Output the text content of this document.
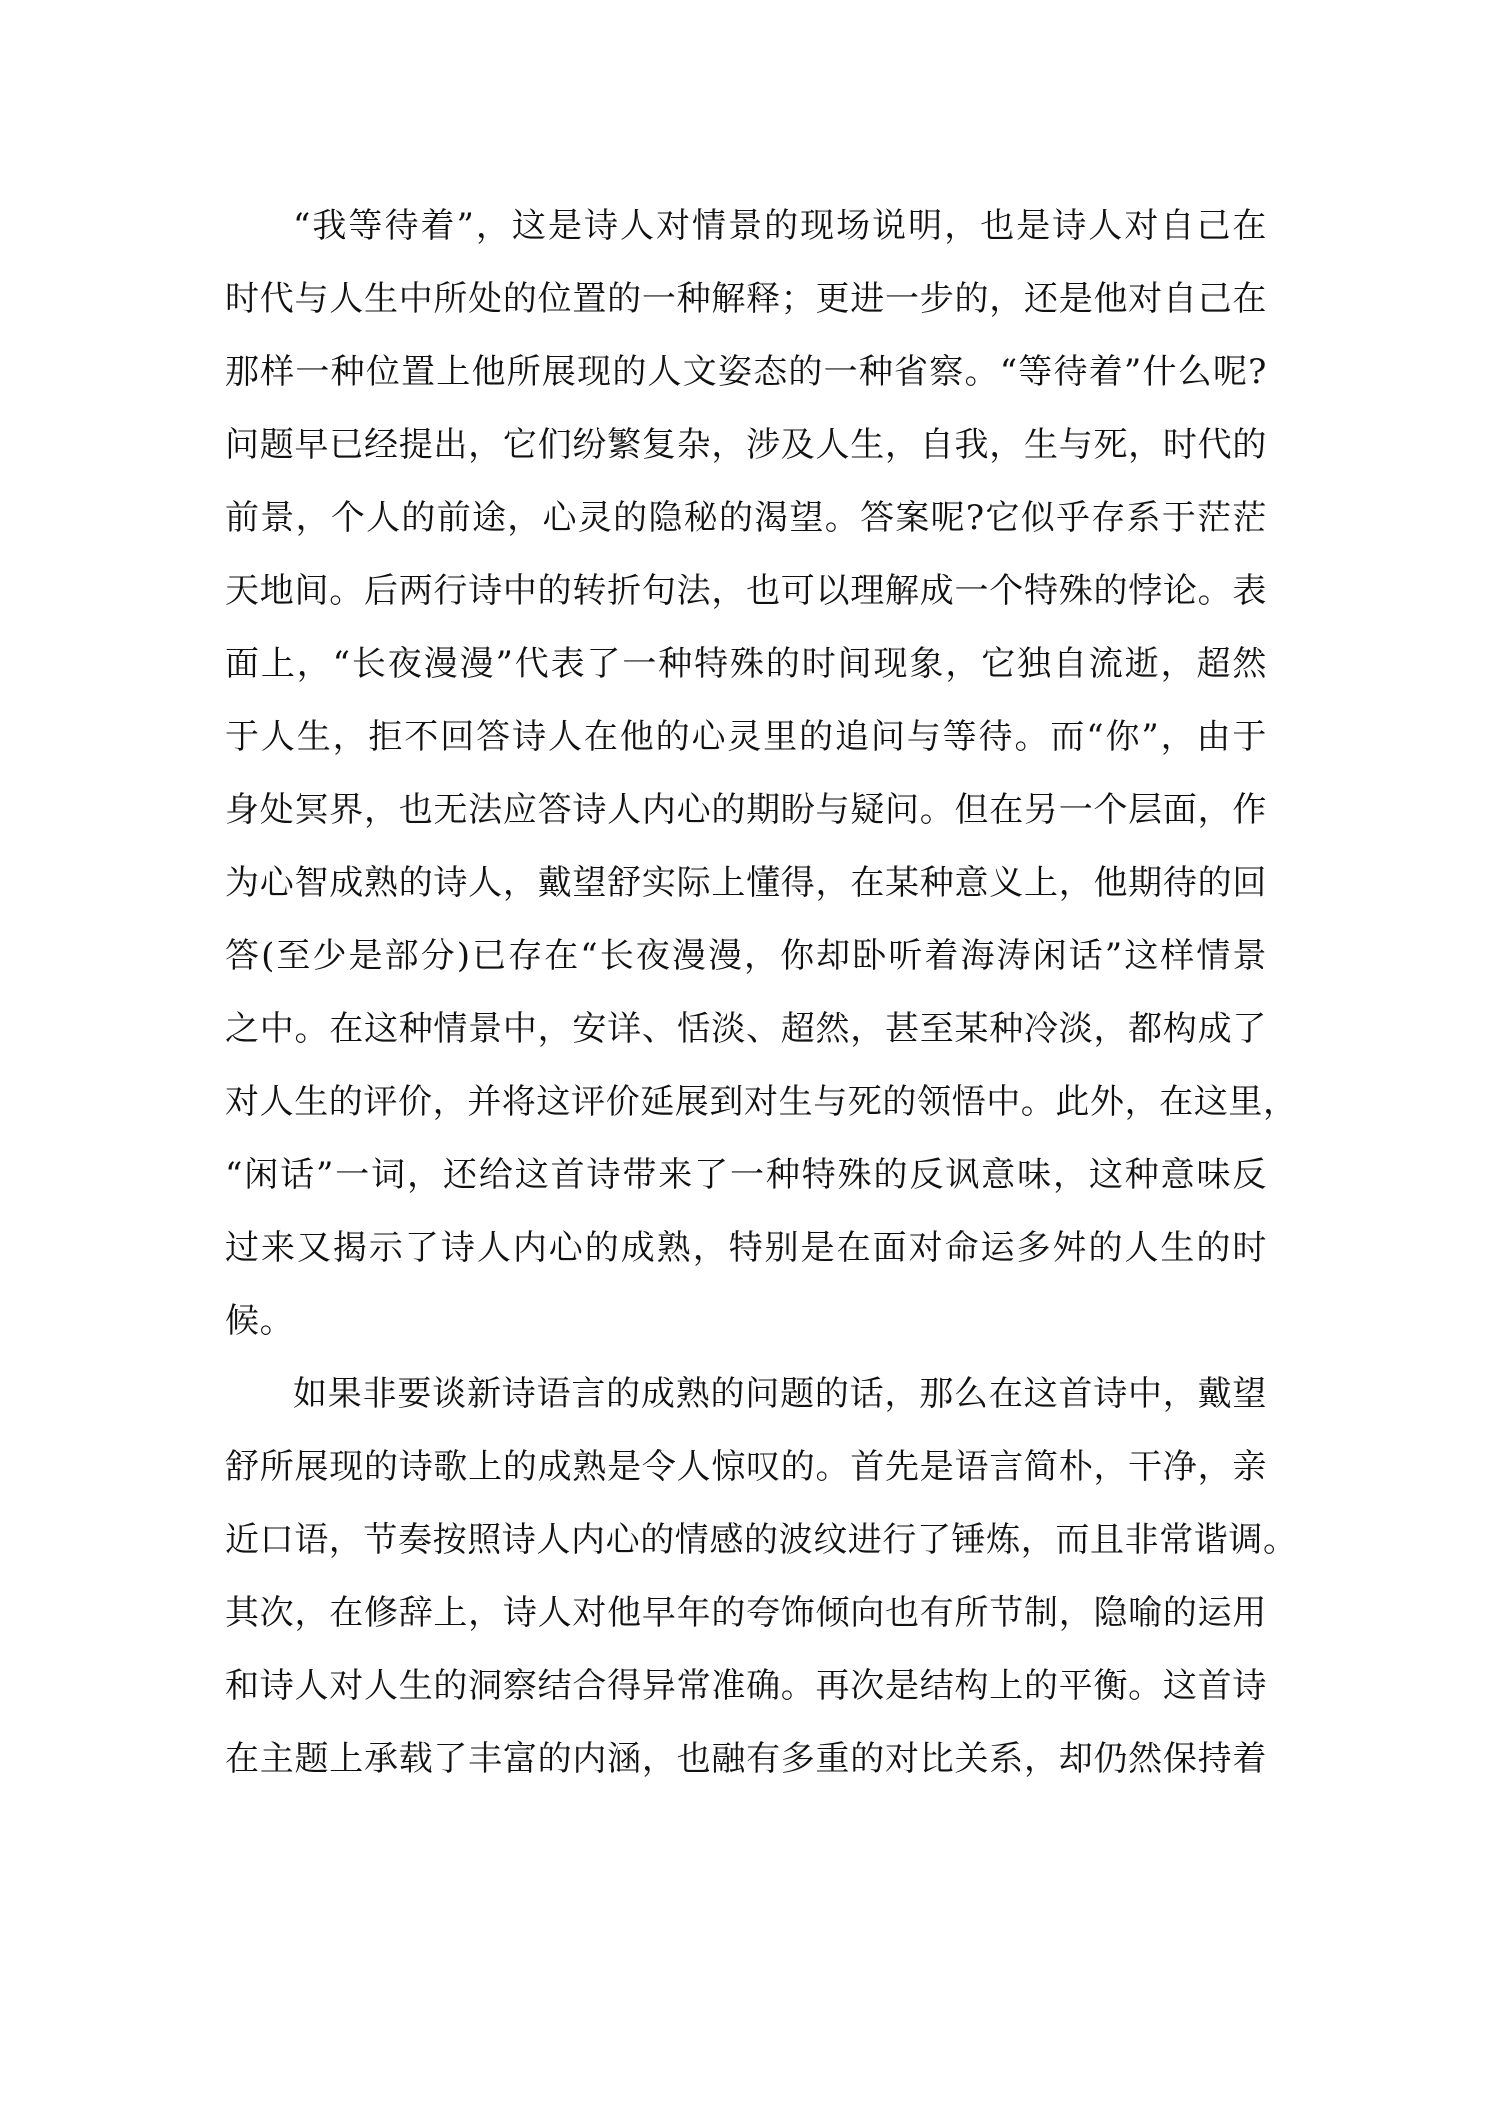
“我等待着”，这是诗人对情景的现场说明，也是诗人对自己在
时代与人生中所处的位置的一种解释；更进一步的，还是他对自己在
那样一种位置上他所展现的人文姿态的一种省察。“等待着”什么呢?
问题早已经提出，它们纷繁复杂，涉及人生，自我，生与死，时代的
前景，个人的前途，心灵的隐秘的渴望。答案呢?它似乎存系于茫茫
天地间。后两行诗中的转折句法，也可以理解成一个特殊的悖论。表
面上，“长夜漫漫”代表了一种特殊的时间现象，它独自流逝，超然
于人生，拒不回答诗人在他的心灵里的追问与等待。而“你”，由于
身处冥界，也无法应答诗人内心的期盼与疑问。但在另一个层面，作
为心智成熟的诗人，戴望舒实际上懂得，在某种意义上，他期待的回
答(至少是部分)已存在“长夜漫漫，你却卧听着海涛闲话”这样情景
之中。在这种情景中，安详、恬淡、超然，甚至某种冷淡，都构成了
对人生的评价，并将这评价延展到对生与死的领悟中。此外，在这里，
“闲话”一词，还给这首诗带来了一种特殊的反讽意味，这种意味反
过来又揭示了诗人内心的成熟，特别是在面对命运多舛的人生的时
候。
如果非要谈新诗语言的成熟的问题的话，那么在这首诗中，戴望
舒所展现的诗歌上的成熟是令人惊叹的。首先是语言简朴，干净，亲
近口语，节奏按照诗人内心的情感的波纹进行了锤炼，而且非常谐调。
其次，在修辞上，诗人对他早年的夸饰倾向也有所节制，隐喻的运用
和诗人对人生的洞察结合得异常准确。再次是结构上的平衡。这首诗
在主题上承载了丰富的内涵，也融有多重的对比关系，却仍然保持着
